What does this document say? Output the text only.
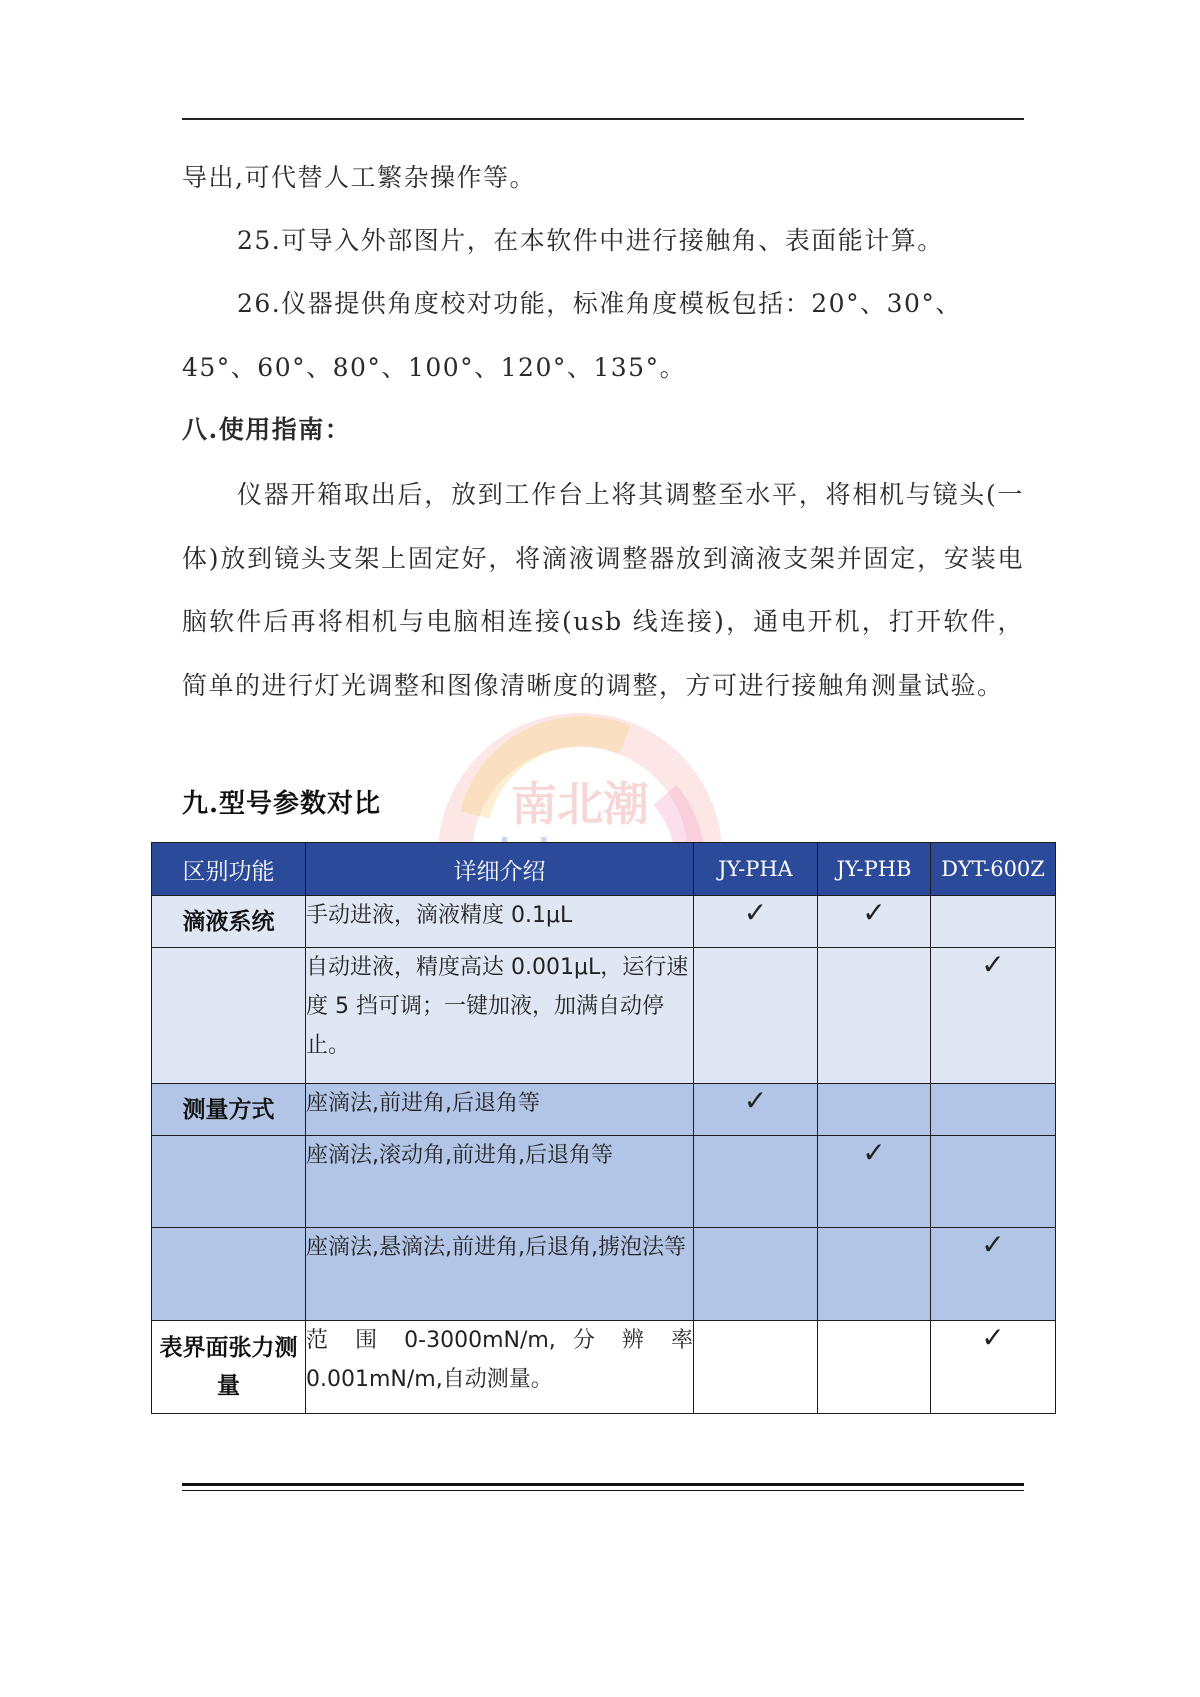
导出,可代替人工繁杂操作等。

25.可导入外部图片，在本软件中进行接触角、表面能计算。

26.仪器提供角度校对功能，标准角度模板包括：20°、30°、45°、60°、80°、100°、120°、135°。

八.使用指南：

仪器开箱取出后，放到工作台上将其调整至水平，将相机与镜头(一体)放到镜头支架上固定好，将滴液调整器放到滴液支架并固定，安装电脑软件后再将相机与电脑相连接(usb 线连接)，通电开机，打开软件，简单的进行灯光调整和图像清晰度的调整，方可进行接触角测量试验。

九.型号参数对比	南北潮
区别功能	详细介绍	JY-PHA	JY-PHB	DYT-600Z
滴液系统	手动进液，滴液精度 0.1μL	✓	✓	
	自动进液，精度高达 0.001μL，运行速度 5 挡可调；一键加液，加满自动停止。			✓
测量方式	座滴法,前进角,后退角等	✓		
	座滴法,滚动角,前进角,后退角等		✓	
	座滴法,悬滴法,前进角,后退角,掳泡法等			✓
表界面张力测量	范 围 0-3000mN/m, 分 辨 率 0.001mN/m,自动测量。			✓
